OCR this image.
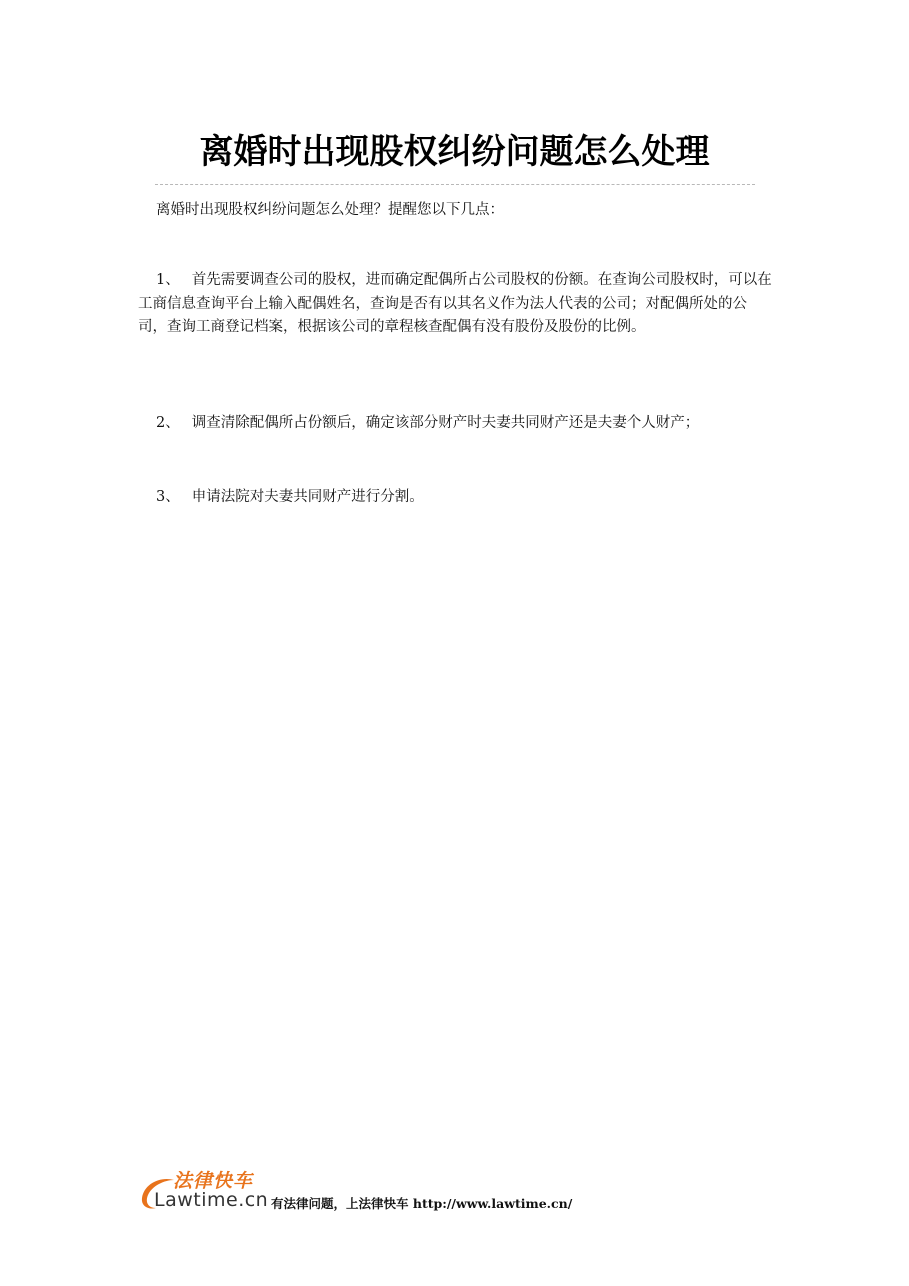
离婚时出现股权纠纷问题怎么处理

离婚时出现股权纠纷问题怎么处理？提醒您以下几点：

1、 首先需要调查公司的股权，进而确定配偶所占公司股权的份额。在查询公司股权时，可以在工商信息查询平台上输入配偶姓名，查询是否有以其名义作为法人代表的公司；对配偶所处的公司，查询工商登记档案，根据该公司的章程核查配偶有没有股份及股份的比例。

2、 调查清除配偶所占份额后，确定该部分财产时夫妻共同财产还是夫妻个人财产；

3、 申请法院对夫妻共同财产进行分割。

法律快车
Lawtime.cn 有法律问题，上法律快车 http://www.lawtime.cn/
